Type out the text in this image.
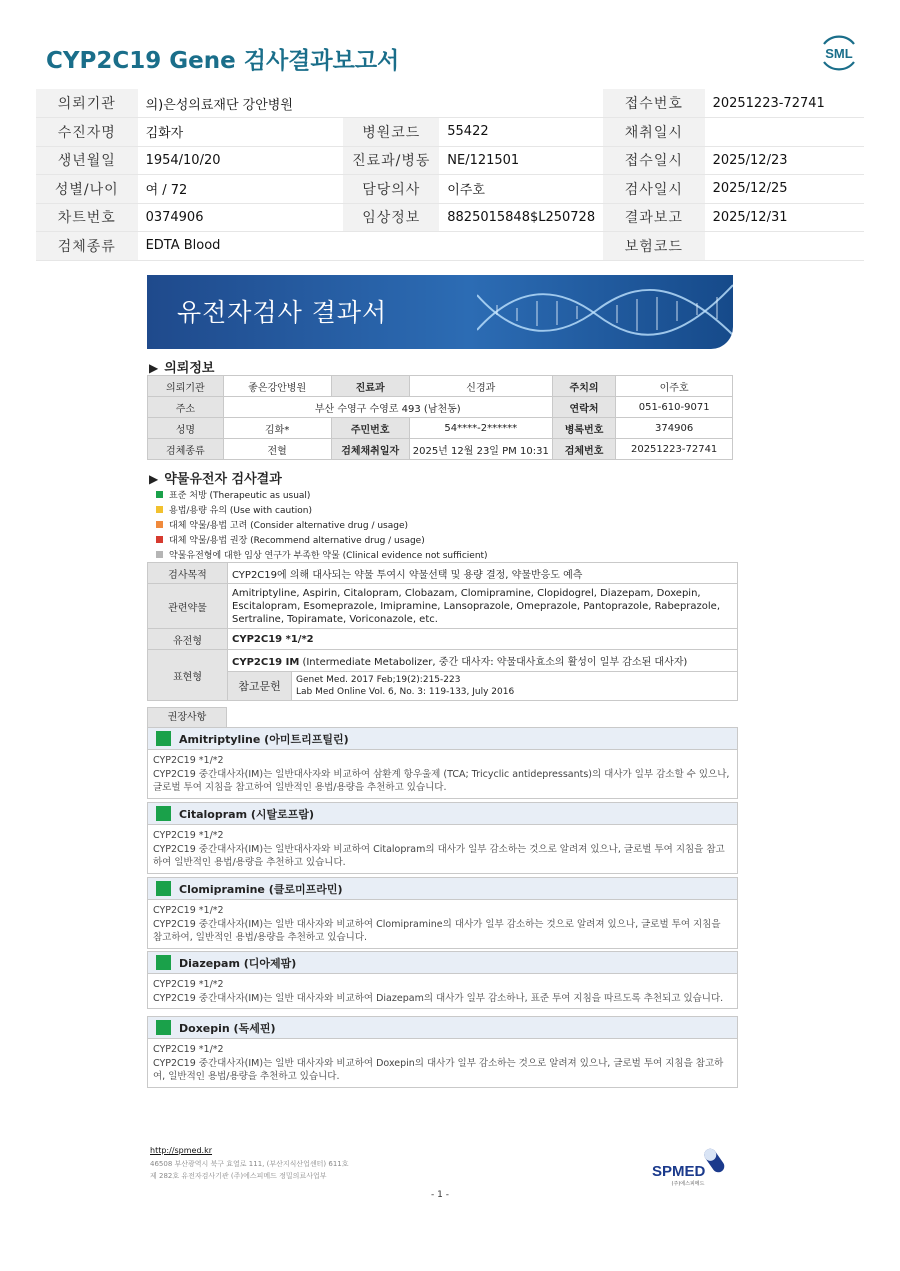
CYP2C19 Gene 검사결과보고서	SML
의뢰기관	의)은성의료재단 강안병원			접수번호	20251223-72741
수진자명	김화자	병원코드	55422	채취일시	
생년월일	1954/10/20	진료과/병동	NE/121501	접수일시	2025/12/23
성별/나이	여 / 72	담당의사	이주호	검사일시	2025/12/25
차트번호	0374906	임상정보	8825015848$L250728	결과보고	2025/12/31
검체종류	EDTA Blood			보험코드	
유전자검사 결과서
▶ 의뢰정보
의뢰기관	좋은강안병원	진료과	신경과	주치의	이주호
주소	부산 수영구 수영로 493 (남천동)			연락처	051-610-9071
성명	김화*	주민번호	54****-2******	병록번호	374906
검체종류	전혈	검체채취일자	2025년 12월 23일 PM 10:31	검체번호	20251223-72741
▶ 약물유전자 검사결과
표준 처방 (Therapeutic as usual)
용법/용량 유의 (Use with caution)
대체 약물/용법 고려 (Consider alternative drug / usage)
대체 약물/용법 권장 (Recommend alternative drug / usage)
약물유전형에 대한 임상 연구가 부족한 약물 (Clinical evidence not sufficient)
검사목적	CYP2C19에 의해 대사되는 약물 투여시 약물선택 및 용량 결정, 약물반응도 예측	
관련약물	Amitriptyline, Aspirin, Citalopram, Clobazam, Clomipramine, Clopidogrel, Diazepam, Doxepin, Escitalopram, Esomeprazole, Imipramine, Lansoprazole, Omeprazole, Pantoprazole, Rabeprazole, Sertraline, Topiramate, Voriconazole, etc.	
유전형	CYP2C19 *1/*2	
표현형	CYP2C19 IM (Intermediate Metabolizer, 중간 대사자: 약물대사효소의 활성이 일부 감소된 대사자)	
	참고문헌	Genet Med. 2017 Feb;19(2):215-223
Lab Med Online Vol. 6, No. 3: 119-133, July 2016
권장사항
Amitriptyline (아미트리프틸린)
CYP2C19 *1/*2
CYP2C19 중간대사자(IM)는 일반대사자와 비교하여 삼환계 항우울제 (TCA; Tricyclic antidepressants)의 대사가 일부 감소할 수 있으나, 글로벌 투여 지침을 참고하여 일반적인 용법/용량을 추천하고 있습니다.
Citalopram (시탈로프람)
CYP2C19 *1/*2
CYP2C19 중간대사자(IM)는 일반대사자와 비교하여 Citalopram의 대사가 일부 감소하는 것으로 알려져 있으나, 글로벌 투여 지침을 참고하여 일반적인 용법/용량을 추천하고 있습니다.
Clomipramine (클로미프라민)
CYP2C19 *1/*2
CYP2C19 중간대사자(IM)는 일반 대사자와 비교하여 Clomipramine의 대사가 일부 감소하는 것으로 알려져 있으나, 글로벌 투여 지침을 참고하여, 일반적인 용법/용량을 추천하고 있습니다.
Diazepam (디아제팜)
CYP2C19 *1/*2
CYP2C19 중간대사자(IM)는 일반 대사자와 비교하여 Diazepam의 대사가 일부 감소하나, 표준 투여 지침을 따르도록 추천되고 있습니다.
Doxepin (독세핀)
CYP2C19 *1/*2
CYP2C19 중간대사자(IM)는 일반 대사자와 비교하여 Doxepin의 대사가 일부 감소하는 것으로 알려져 있으나, 글로벌 투여 지침을 참고하여, 일반적인 용법/용량을 추천하고 있습니다.
http://spmed.kr
46508 부산광역시 북구 효열로 111, (부산지식산업센터) 611호
제 282호 유전자검사기관 (주)에스피메드 정밀의료사업부	SPMED
(주)에스피메드
- 1 -
